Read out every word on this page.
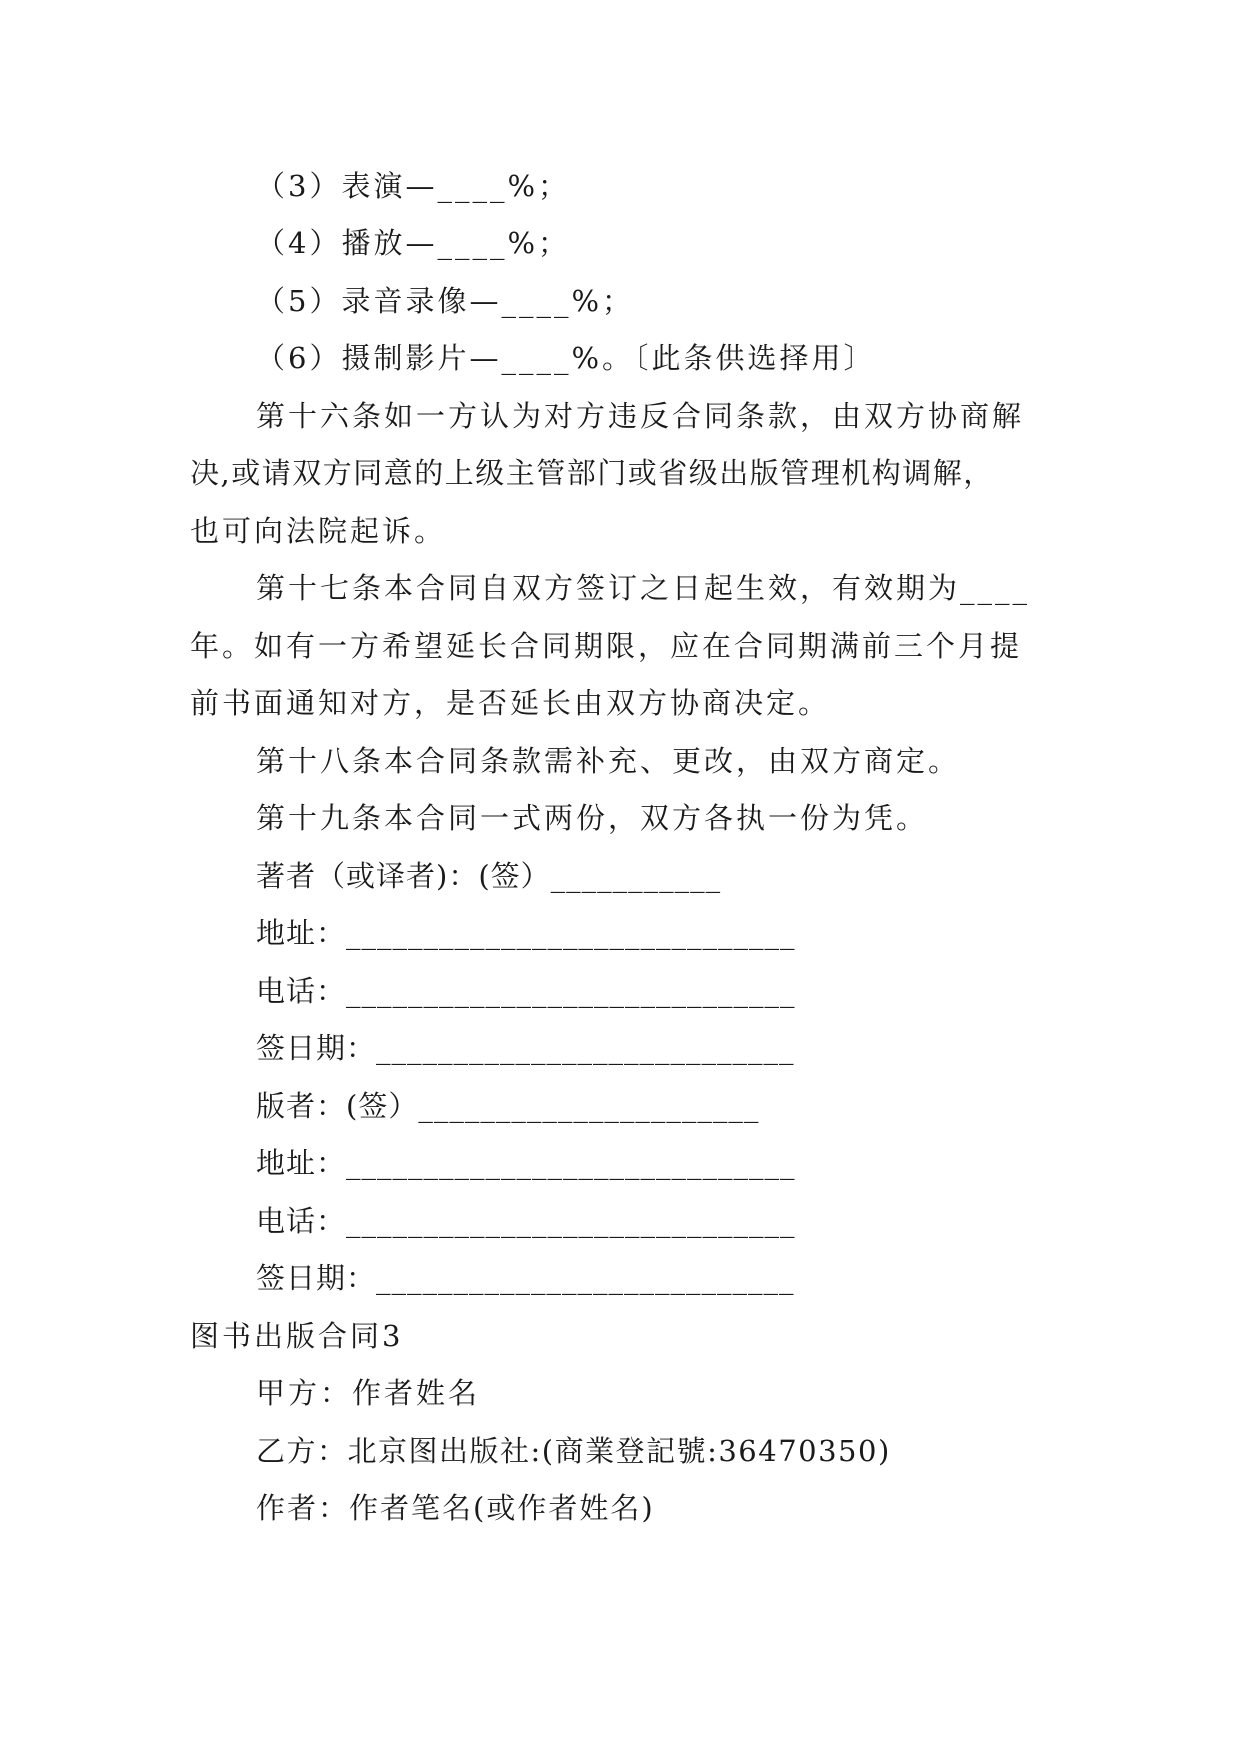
（3）表演—____%；
（4）播放—____%；
（5）录音录像—____%；
（6）摄制影片—____%。〔此条供选择用〕
第十六条如一方认为对方违反合同条款，由双方协商解
决,或请双方同意的上级主管部门或省级出版管理机构调解，
也可向法院起诉。
第十七条本合同自双方签订之日起生效，有效期为____
年。如有一方希望延长合同期限，应在合同期满前三个月提
前书面通知对方，是否延长由双方协商决定。
第十八条本合同条款需补充、更改，由双方商定。
第十九条本合同一式两份，双方各执一份为凭。
著者（或译者)：(签）___________
地址：_____________________________
电话：_____________________________
签日期：___________________________
版者：(签）______________________
地址：_____________________________
电话：_____________________________
签日期：___________________________
图书出版合同3
甲方：作者姓名
乙方：北京图出版社:(商業登記號:36470350)
作者：作者笔名(或作者姓名)
